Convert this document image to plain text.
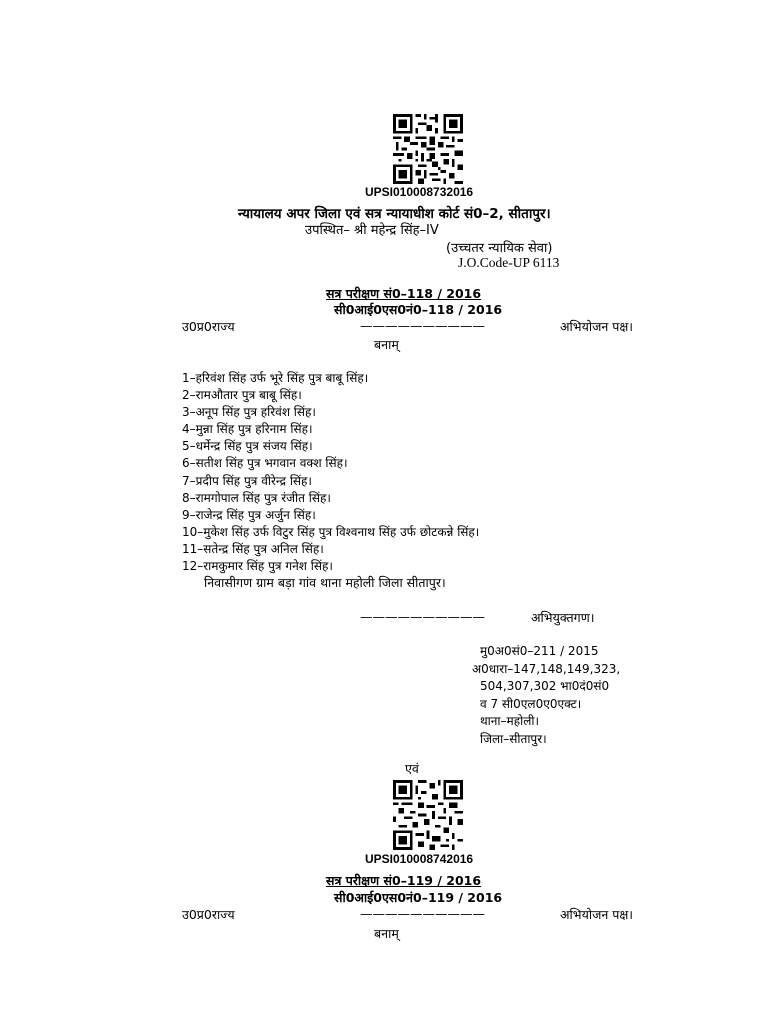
UPSI010008732016
न्यायालय अपर जिला एवं सत्र न्यायाधीश कोर्ट सं0–2, सीतापुर।
उपस्थित– श्री महेन्द्र सिंह–IV
(उच्चतर न्यायिक सेवा)
J.O.Code-UP 6113
सत्र परीक्षण सं0–118 / 2016
सी0आई0एस0नं0–118 / 2016
उ0प्र0राज्य	——————————	अभियोजन पक्ष।
बनाम्
1–हरिवंश सिंह उर्फ भूरे सिंह पुत्र बाबू सिंह।
2–रामऔतार पुत्र बाबू सिंह।
3–अनूप सिंह पुत्र हरिवंश सिंह।
4–मुन्ना सिंह पुत्र हरिनाम सिंह।
5–धर्मेन्द्र सिंह पुत्र संजय सिंह।
6–सतीश सिंह पुत्र भगवान वक्श सिंह।
7–प्रदीप सिंह पुत्र वीरेन्द्र सिंह।
8–रामगोपाल सिंह पुत्र रंजीत सिंह।
9–राजेन्द्र सिंह पुत्र अर्जुन सिंह।
10–मुकेश सिंह उर्फ विटुर सिंह पुत्र विश्वनाथ सिंह उर्फ छोटकन्ने सिंह।
11–सतेन्द्र सिंह पुत्र अनिल सिंह।
12–रामकुमार सिंह पुत्र गनेश सिंह।
निवासीगण ग्राम बड़ा गांव थाना महोली जिला सीतापुर।
——————————	अभियुक्तगण।
मु0अ0सं0–211 / 2015
अ0धारा–147,148,149,323,
504,307,302 भा0दं0सं0
व 7 सी0एल0ए0एक्ट।
थाना–महोली।
जिला–सीतापुर।
एवं
UPSI010008742016
सत्र परीक्षण सं0–119 / 2016
सी0आई0एस0नं0–119 / 2016
उ0प्र0राज्य	——————————	अभियोजन पक्ष।
बनाम्
